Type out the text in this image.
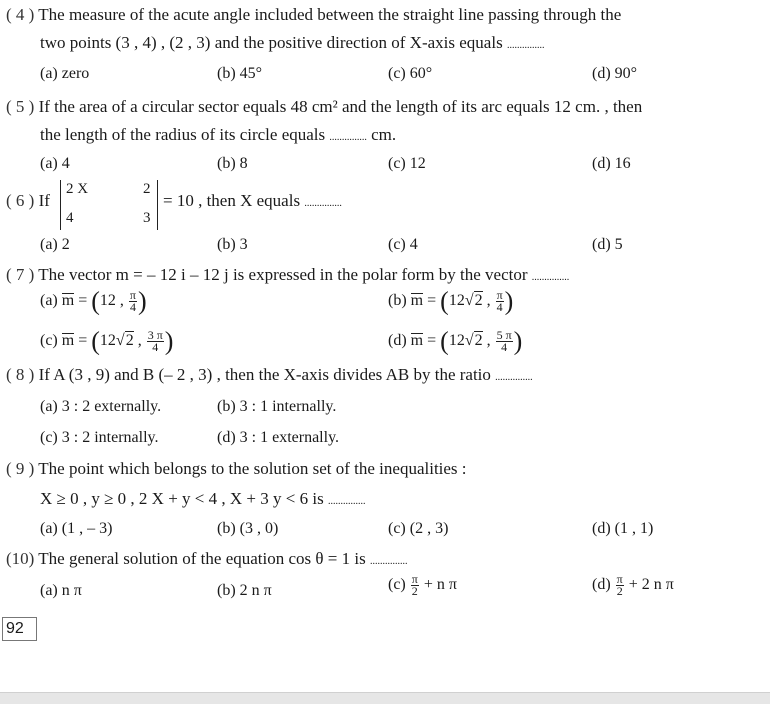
( 4 ) The measure of the acute angle included between the straight line passing through the
two points (3 , 4) , (2 , 3) and the positive direction of X-axis equals ...............
(a) zero	(b) 45°	(c) 60°	(d) 90°
( 5 ) If the area of a circular sector equals 48 cm² and the length of its arc equals 12 cm. , then
the length of the radius of its circle equals ............... cm.
(a) 4	(b) 8	(c) 12	(d) 16
( 6 ) If
2 X	2
4	3
= 10 , then X equals ...............
(a) 2	(b) 3	(c) 4	(d) 5
( 7 ) The vector m = – 12 i – 12 j is expressed in the polar form by the vector ...............
(a) m = (12 , $\frac{\pi}{4}$ )	(b) m = (12√2 , $\frac{\pi}{4}$ )
(c) m = (12√2 , $\frac{3 \pi}{4}$ )	(d) m = (12√2 , $\frac{5 \pi}{4}$ )
( 8 ) If A (3 , 9) and B (– 2 , 3) , then the X-axis divides AB by the ratio ...............
(a) 3 : 2 externally.	(b) 3 : 1 internally.
(c) 3 : 2 internally.	(d) 3 : 1 externally.
( 9 ) The point which belongs to the solution set of the inequalities :
X ≥ 0 , y ≥ 0 , 2 X + y < 4 , X + 3 y < 6 is ...............
(a) (1 , – 3)	(b) (3 , 0)	(c) (2 , 3)	(d) (1 , 1)
(10) The general solution of the equation cos θ = 1 is ...............
(a) n π	(b) 2 n π	$(c) \frac{\pi}{2} + n$ π	$(d) \frac{\pi}{2} + 2$ n π
92
